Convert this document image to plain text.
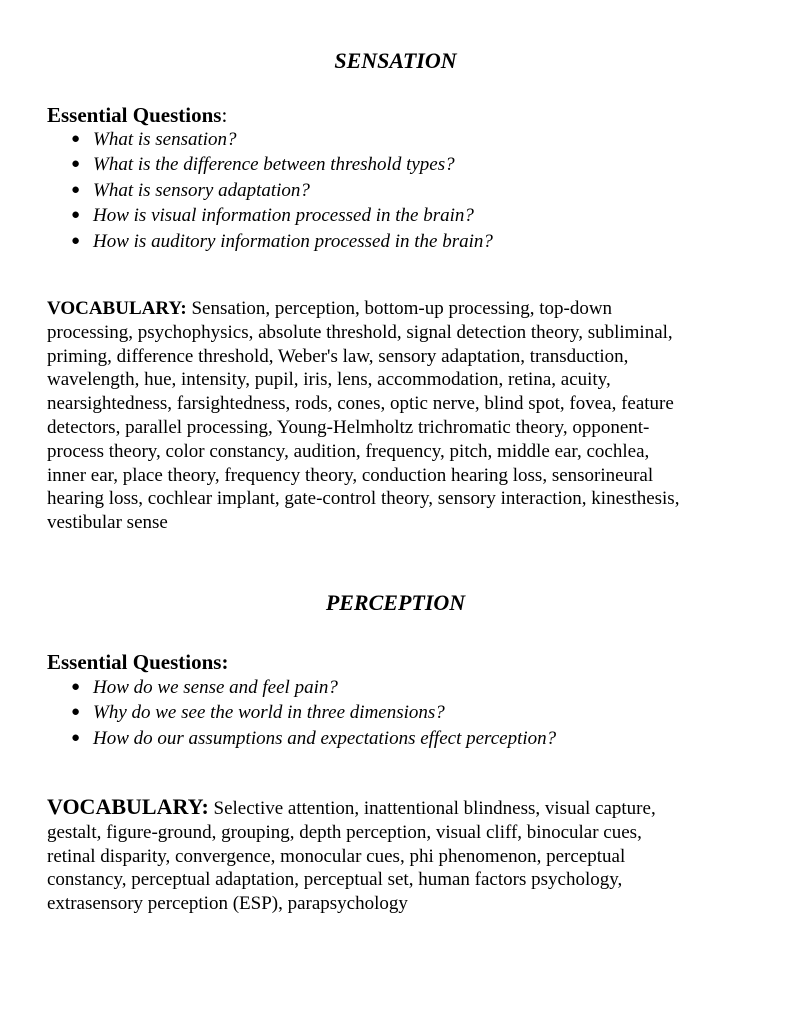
SENSATION
Essential Questions:
● What is sensation?
● What is the difference between threshold types?
● What is sensory adaptation?
● How is visual information processed in the brain?
● How is auditory information processed in the brain?

VOCABULARY: Sensation, perception, bottom-up processing, top-down
processing, psychophysics, absolute threshold, signal detection theory, subliminal,
priming, difference threshold, Weber's law, sensory adaptation, transduction,
wavelength, hue, intensity, pupil, iris, lens, accommodation, retina, acuity,
nearsightedness, farsightedness, rods, cones, optic nerve, blind spot, fovea, feature
detectors, parallel processing, Young-Helmholtz trichromatic theory, opponent-
process theory, color constancy, audition, frequency, pitch, middle ear, cochlea,
inner ear, place theory, frequency theory, conduction hearing loss, sensorineural
hearing loss, cochlear implant, gate-control theory, sensory interaction, kinesthesis,
vestibular sense

PERCEPTION
Essential Questions:
● How do we sense and feel pain?
● Why do we see the world in three dimensions?
● How do our assumptions and expectations effect perception?

VOCABULARY: Selective attention, inattentional blindness, visual capture,
gestalt, figure-ground, grouping, depth perception, visual cliff, binocular cues,
retinal disparity, convergence, monocular cues, phi phenomenon, perceptual
constancy, perceptual adaptation, perceptual set, human factors psychology,
extrasensory perception (ESP), parapsychology
